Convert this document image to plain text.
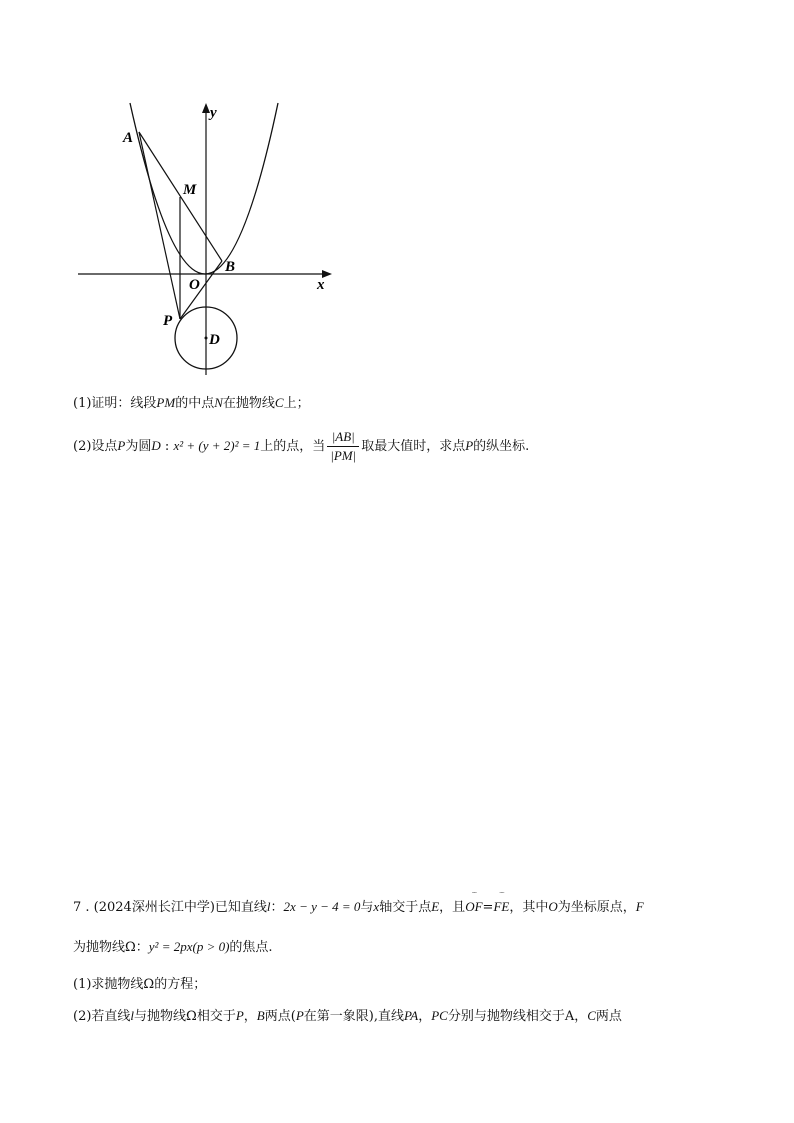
A
M
B
O
P
D
x
y
(1)证明：线段PM的中点N在抛物线C上；
(2)设点P为圆D : x² + (y + 2)² = 1上的点，当 $\frac{|AB|}{|PM|}$ 取最大值时，求点P的纵坐标.
7 . (2024深州长江中学)已知直线l：2x − y − 4 = 0与x轴交于点E，且
‾‾
OF=
‾‾
FE，其中O为坐标原点，F
为抛物线Ω：y² = 2px(p > 0)的焦点.
(1)求抛物线Ω的方程；
(2)若直线l与抛物线Ω相交于P，B两点(P在第一象限),直线PA，PC分别与抛物线相交于A，C两点
